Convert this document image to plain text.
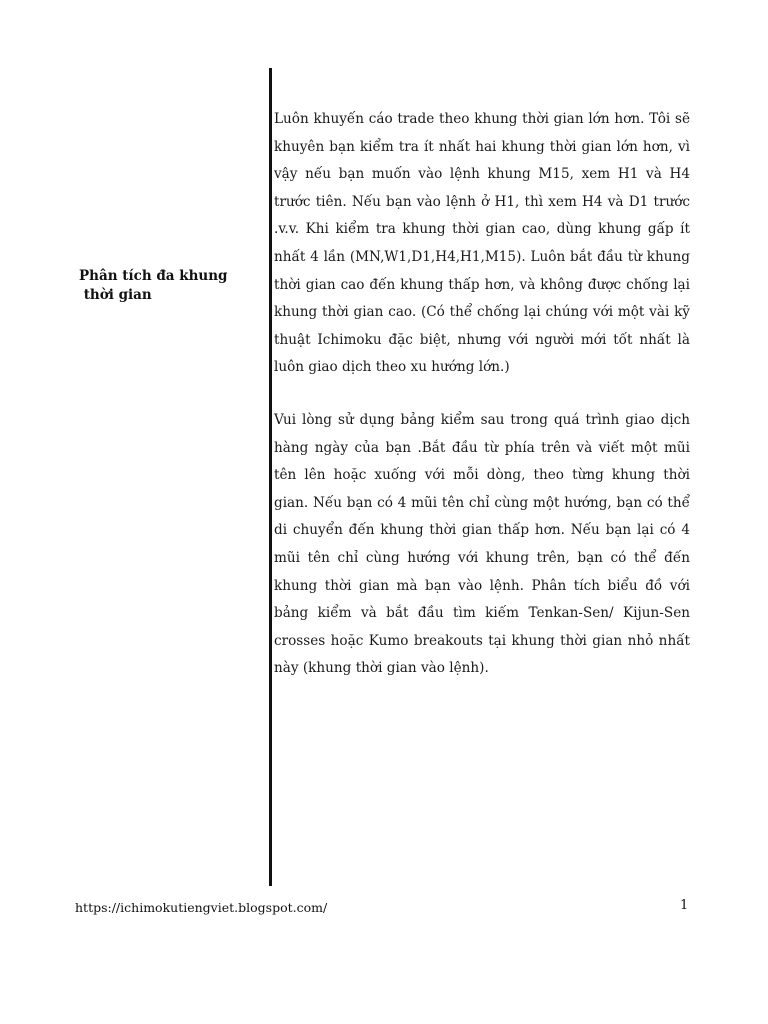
Phân tích đa khung
thời gian

Luôn khuyến cáo trade theo khung thời gian lớn hơn. Tôi sẽ khuyên bạn kiểm tra ít nhất hai khung thời gian lớn hơn, vì vậy nếu bạn muốn vào lệnh khung M15, xem H1 và H4 trước tiên. Nếu bạn vào lệnh ở H1, thì xem H4 và D1 trước .v.v. Khi kiểm tra khung thời gian cao, dùng khung gấp ít nhất 4 lần (MN,W1,D1,H4,H1,M15). Luôn bắt đầu từ khung thời gian cao đến khung thấp hơn, và không được chống lại khung thời gian cao. (Có thể chống lại chúng với một vài kỹ thuật Ichimoku đặc biệt, nhưng với người mới tốt nhất là luôn giao dịch theo xu hướng lớn.)

Vui lòng sử dụng bảng kiểm sau trong quá trình giao dịch hàng ngày của bạn .Bắt đầu từ phía trên và viết một mũi tên lên hoặc xuống với mỗi dòng, theo từng khung thời gian. Nếu bạn có 4 mũi tên chỉ cùng một hướng, bạn có thể di chuyển đến khung thời gian thấp hơn. Nếu bạn lại có 4 mũi tên chỉ cùng hướng với khung trên, bạn có thể đến khung thời gian mà bạn vào lệnh. Phân tích biểu đồ với bảng kiểm và bắt đầu tìm kiếm Tenkan-Sen/ Kijun-Sen crosses hoặc Kumo breakouts tại khung thời gian nhỏ nhất này (khung thời gian vào lệnh).

https://ichimokutiengviet.blogspot.com/	1
